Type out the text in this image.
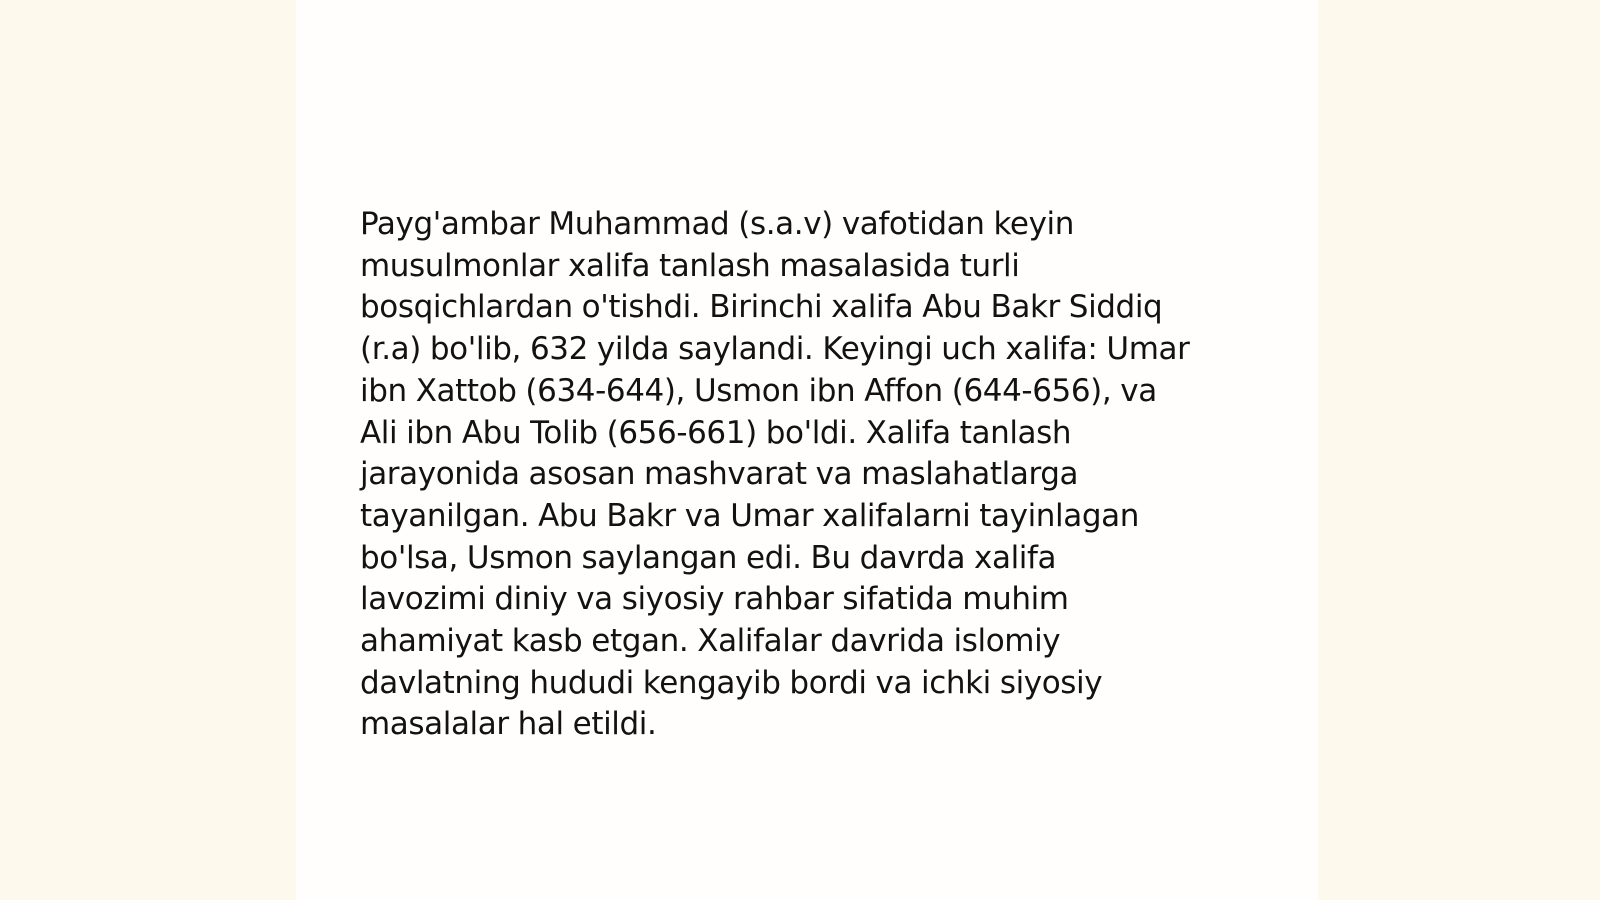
Payg'ambar Muhammad (s.a.v) vafotidan keyin
musulmonlar xalifa tanlash masalasida turli
bosqichlardan o'tishdi. Birinchi xalifa Abu Bakr Siddiq
(r.a) bo'lib, 632 yilda saylandi. Keyingi uch xalifa: Umar
ibn Xattob (634-644), Usmon ibn Affon (644-656), va
Ali ibn Abu Tolib (656-661) bo'ldi. Xalifa tanlash
jarayonida asosan mashvarat va maslahatlarga
tayanilgan. Abu Bakr va Umar xalifalarni tayinlagan
bo'lsa, Usmon saylangan edi. Bu davrda xalifa
lavozimi diniy va siyosiy rahbar sifatida muhim
ahamiyat kasb etgan. Xalifalar davrida islomiy
davlatning hududi kengayib bordi va ichki siyosiy
masalalar hal etildi.
